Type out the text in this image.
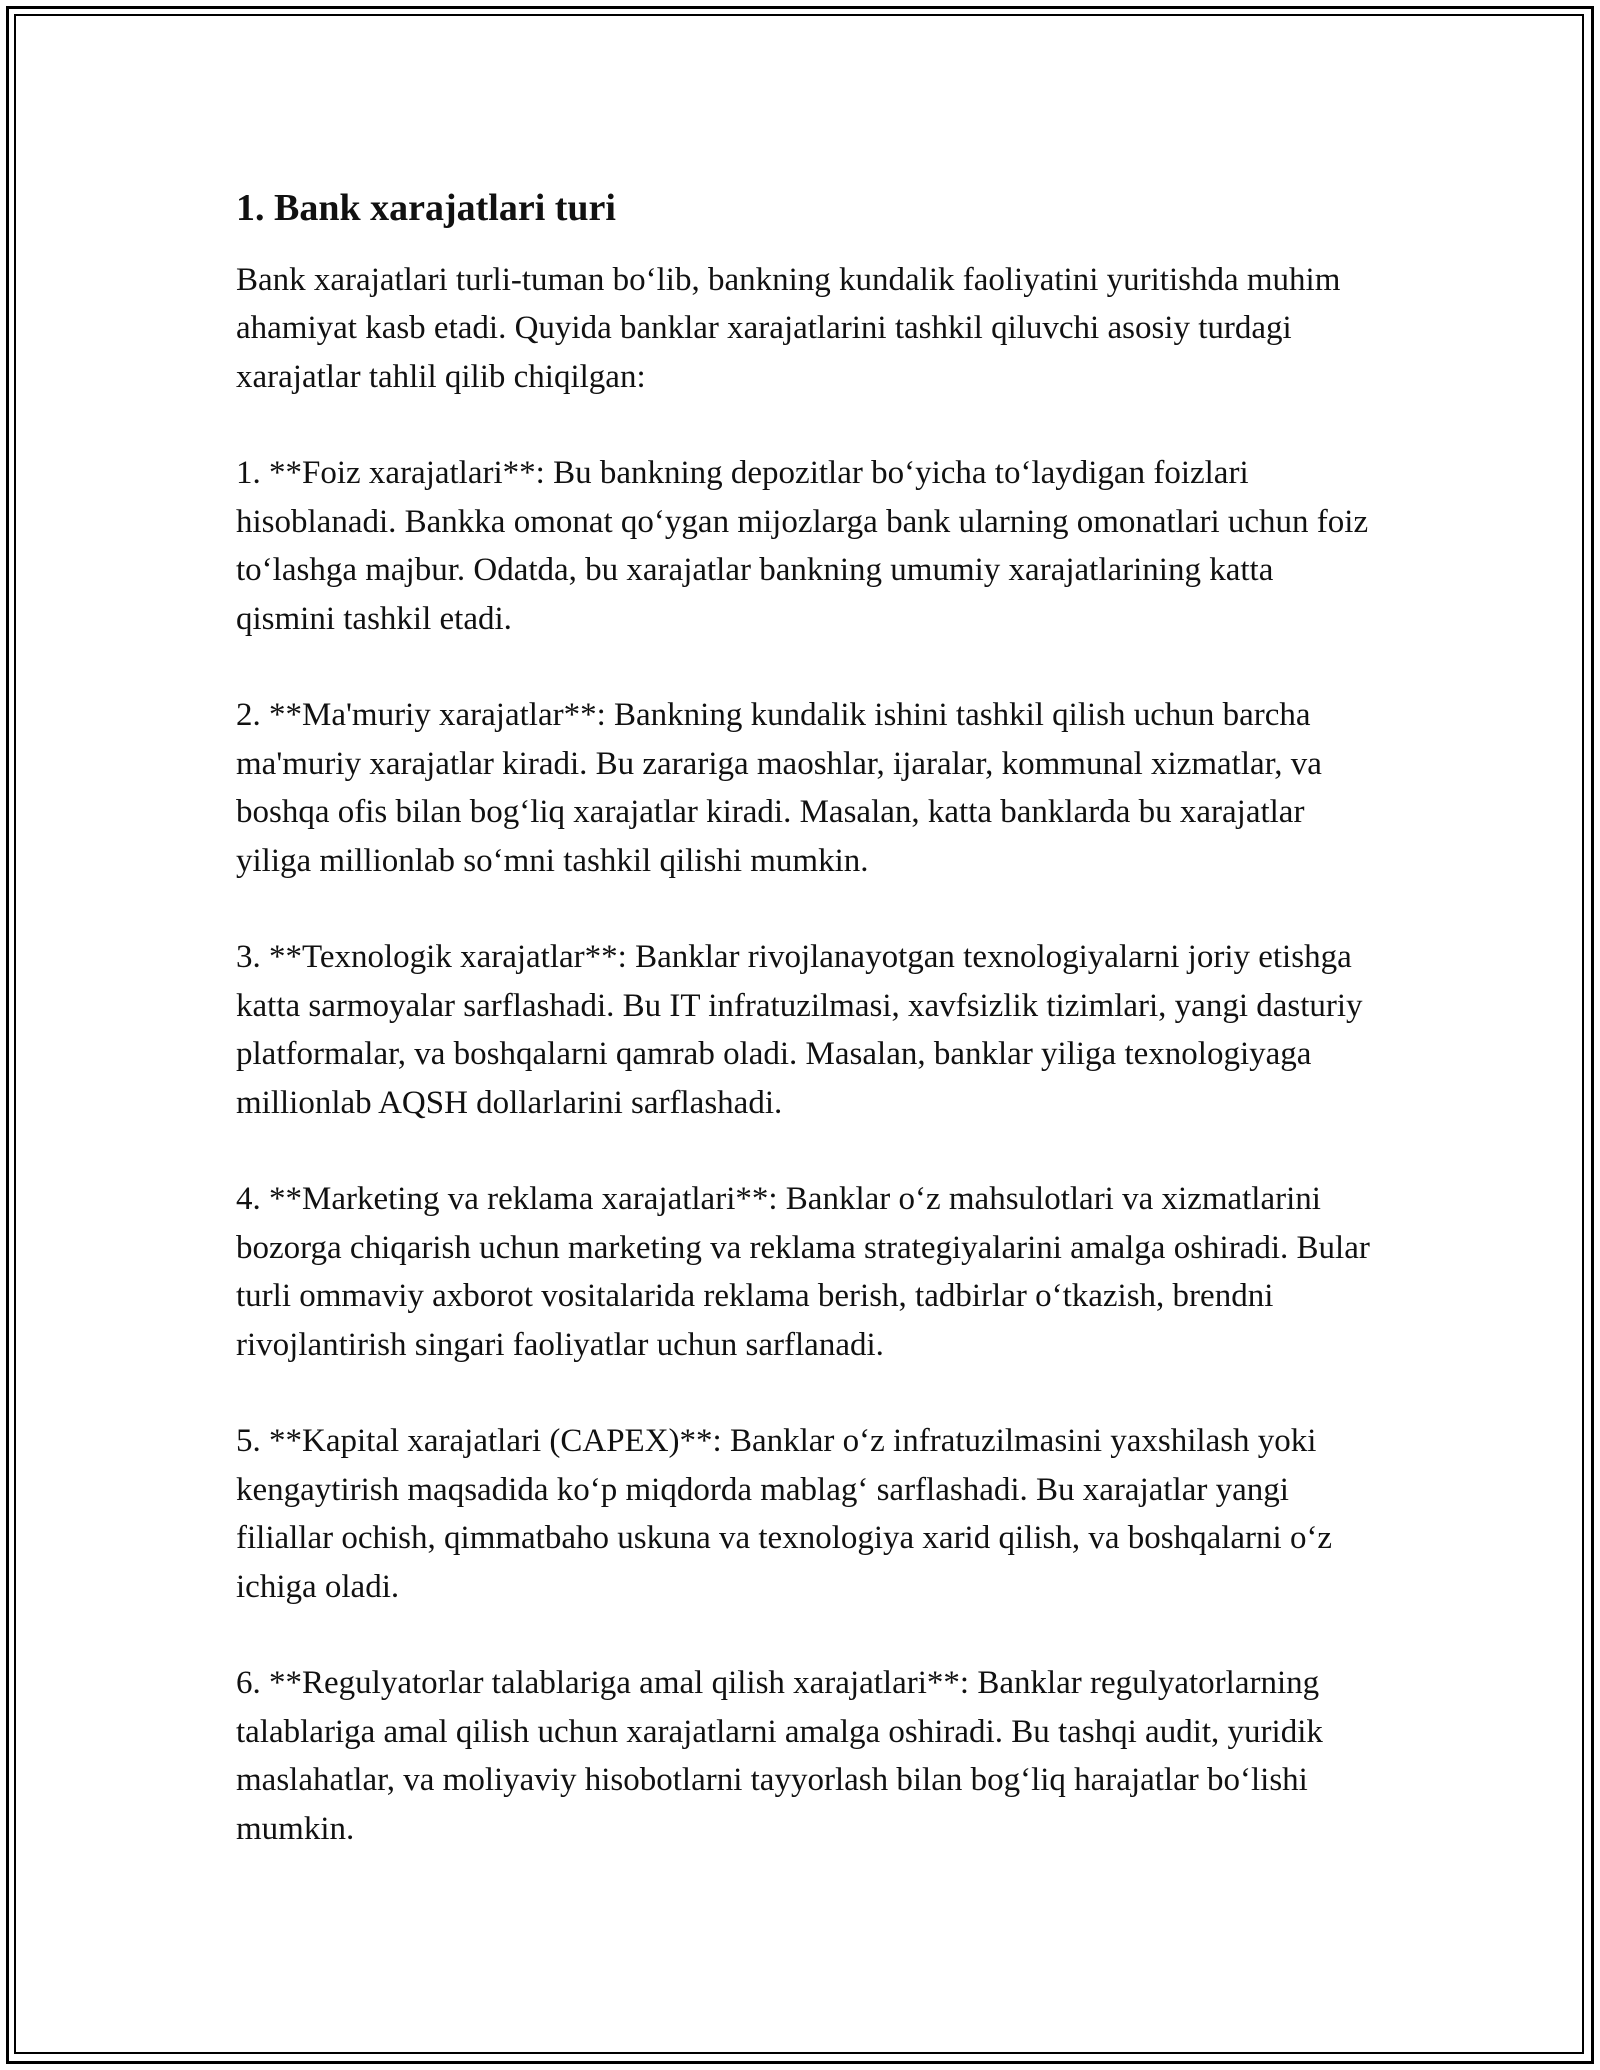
1. Bank xarajatlari turi

Bank xarajatlari turli-tuman bo‘lib, bankning kundalik faoliyatini yuritishda muhim ahamiyat kasb etadi. Quyida banklar xarajatlarini tashkil qiluvchi asosiy turdagi xarajatlar tahlil qilib chiqilgan:

1. **Foiz xarajatlari**: Bu bankning depozitlar bo‘yicha to‘laydigan foizlari hisoblanadi. Bankka omonat qo‘ygan mijozlarga bank ularning omonatlari uchun foiz to‘lashga majbur. Odatda, bu xarajatlar bankning umumiy xarajatlarining katta qismini tashkil etadi.

2. **Ma'muriy xarajatlar**: Bankning kundalik ishini tashkil qilish uchun barcha ma'muriy xarajatlar kiradi. Bu zarariga maoshlar, ijaralar, kommunal xizmatlar, va boshqa ofis bilan bog‘liq xarajatlar kiradi. Masalan, katta banklarda bu xarajatlar yiliga millionlab so‘mni tashkil qilishi mumkin.

3. **Texnologik xarajatlar**: Banklar rivojlanayotgan texnologiyalarni joriy etishga katta sarmoyalar sarflashadi. Bu IT infratuzilmasi, xavfsizlik tizimlari, yangi dasturiy platformalar, va boshqalarni qamrab oladi. Masalan, banklar yiliga texnologiyaga millionlab AQSH dollarlarini sarflashadi.

4. **Marketing va reklama xarajatlari**: Banklar o‘z mahsulotlari va xizmatlarini bozorga chiqarish uchun marketing va reklama strategiyalarini amalga oshiradi. Bular turli ommaviy axborot vositalarida reklama berish, tadbirlar o‘tkazish, brendni rivojlantirish singari faoliyatlar uchun sarflanadi.

5. **Kapital xarajatlari (CAPEX)**: Banklar o‘z infratuzilmasini yaxshilash yoki kengaytirish maqsadida ko‘p miqdorda mablag‘ sarflashadi. Bu xarajatlar yangi filiallar ochish, qimmatbaho uskuna va texnologiya xarid qilish, va boshqalarni o‘z ichiga oladi.

6. **Regulyatorlar talablariga amal qilish xarajatlari**: Banklar regulyatorlarning talablariga amal qilish uchun xarajatlarni amalga oshiradi. Bu tashqi audit, yuridik maslahatlar, va moliyaviy hisobotlarni tayyorlash bilan bog‘liq harajatlar bo‘lishi mumkin.
